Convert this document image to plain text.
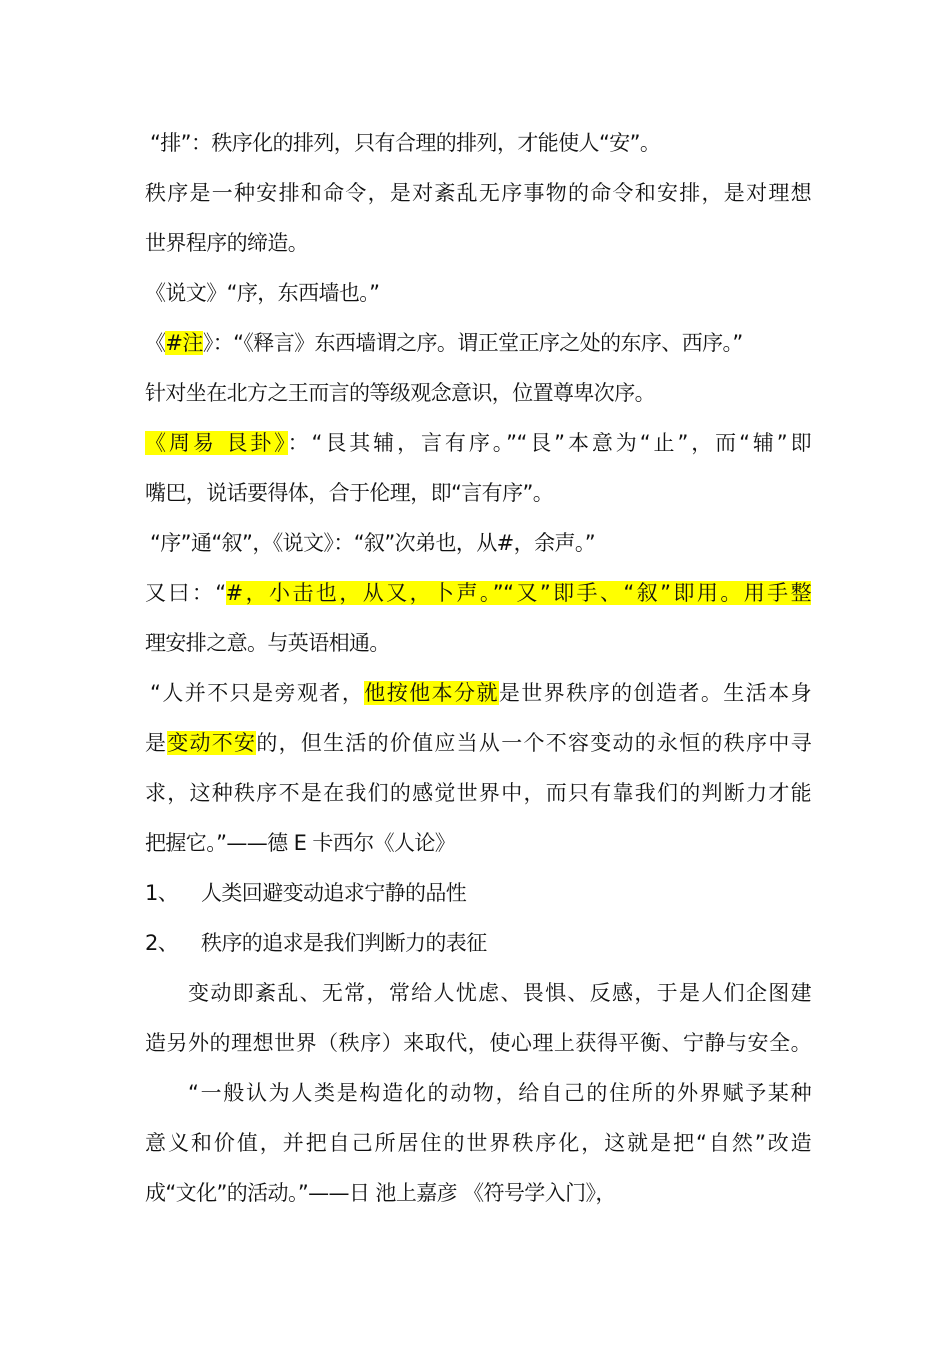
“排”：秩序化的排列，只有合理的排列，才能使人“安”。
秩序是一种安排和命令，是对紊乱无序事物的命令和安排，是对理想
世界程序的缔造。
《说文》“序，东西墙也。”
《#注》：“《释言》东西墙谓之序。谓正堂正序之处的东序、西序。”
针对坐在北方之王而言的等级观念意识，位置尊卑次序。
《周易 艮卦》：“艮其辅，言有序。”“艮”本意为“止”，而“辅”即
嘴巴，说话要得体，合于伦理，即“言有序”。
“序”通“叙”，《说文》：“叙”次弟也，从#，余声。”
又曰：“#，小击也，从又，卜声。”“又”即手、“叙”即用。用手整
理安排之意。与英语相通。
“人并不只是旁观者，他按他本分就是世界秩序的创造者。生活本身
是变动不安的，但生活的价值应当从一个不容变动的永恒的秩序中寻
求，这种秩序不是在我们的感觉世界中，而只有靠我们的判断力才能
把握它。”——德 E 卡西尔《人论》
1、 人类回避变动追求宁静的品性
2、 秩序的追求是我们判断力的表征
变动即紊乱、无常，常给人忧虑、畏惧、反感，于是人们企图建
造另外的理想世界（秩序）来取代，使心理上获得平衡、宁静与安全。
“一般认为人类是构造化的动物，给自己的住所的外界赋予某种
意义和价值，并把自己所居住的世界秩序化，这就是把“自然”改造
成“文化”的活动。”——日 池上嘉彦 《符号学入门》，
